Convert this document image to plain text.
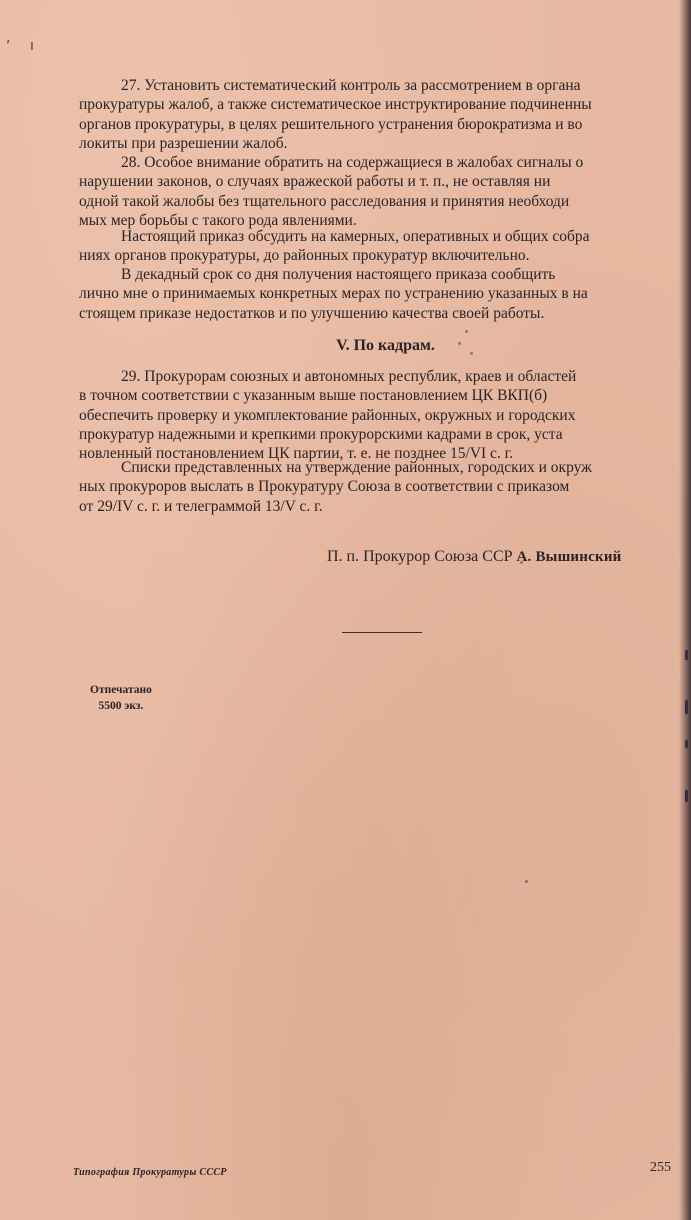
, ı
27. Установить систематический контроль за рассмотрением в органа
прокуратуры жалоб, а также систематическое инструктирование подчиненны
органов прокуратуры, в целях решительного устранения бюрократизма и во
локиты при разрешении жалоб.
28. Особое внимание обратить на содержащиеся в жалобах сигналы о
нарушении законов, о случаях вражеской работы и т. п., не оставляя ни
одной такой жалобы без тщательного расследования и принятия необходи
мых мер борьбы с такого рода явлениями.
Настоящий приказ обсудить на камерных, оперативных и общих собра
ниях органов прокуратуры, до районных прокуратур включительно.
В декадный срок со дня получения настоящего приказа сообщить
лично мне о принимаемых конкретных мерах по устранению указанных в на
стоящем приказе недостатков и по улучшению качества своей работы.
V. По кадрам.
29. Прокурорам союзных и автономных республик, краев и областей
в точном соответствии с указанным выше постановлением ЦК ВКП(б)
обеспечить проверку и укомплектование районных, окружных и городских
прокуратур надежными и крепкими прокурорскими кадрами в срок, уста
новленный постановлением ЦК партии, т. е. не позднее 15/VI с. г.
Списки представленных на утверждение районных, городских и окруж
ных прокуроров выслать в Прокуратуру Союза в соответствии с приказом
от 29/IV с. г. и телеграммой 13/V с. г.
П. п. Прокурор Союза ССР А. Вышинский
Отпечатано
5500 экз.
Типография Прокуратуры СССР	255
